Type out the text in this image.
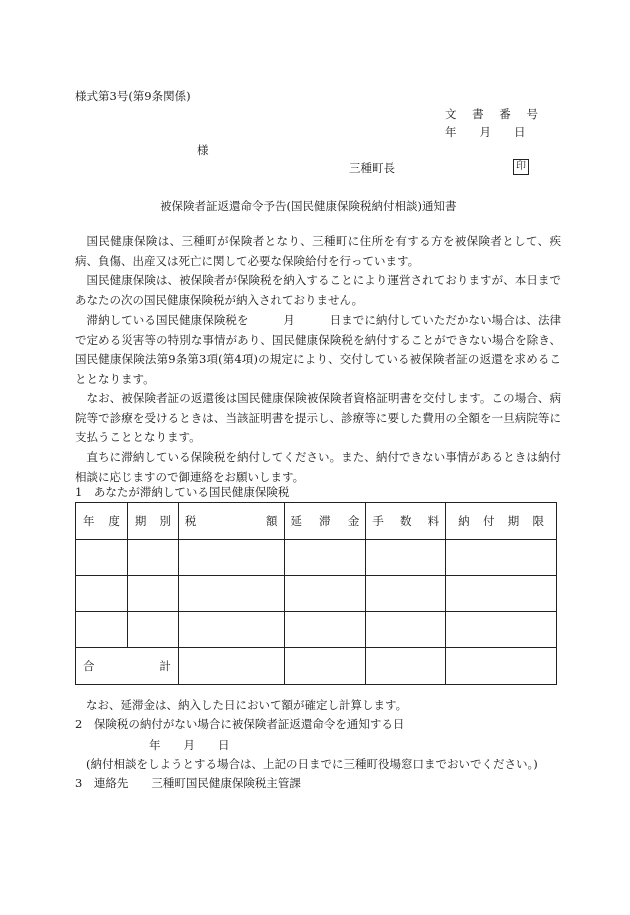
様式第3号(第9条関係)
文 書 番 号
年　　月　　日
様
三種町長	印
被保険者証返還命令予告(国民健康保険税納付相談)通知書

国民健康保険は、三種町が保険者となり、三種町に住所を有する方を被保険者として、疾病、負傷、出産又は死亡に関して必要な保険給付を行っています。

国民健康保険は、被保険者が保険税を納入することにより運営されておりますが、本日まであなたの次の国民健康保険税が納入されておりません。

滞納している国民健康保険税を　　　	月　　　	日までに納付していただかない場合は、法律で定める災害等の特別な事情があり、国民健康保険税を納付することができない場合を除き、国民健康保険法第9条第3項(第4項)の規定により、交付している被保険者証の返還を求めることとなります。

なお、被保険者証の返還後は国民健康保険被保険者資格証明書を交付します。この場合、病院等で診療を受けるときは、当該証明書を提示し、診療等に要した費用の全額を一旦病院等に支払うこととなります。

直ちに滞納している保険税を納付してください。また、納付できない事情があるときは納付相談に応じますので御連絡をお願いします。

1　あなたが滞納している国民健康保険税
年 度	期 別	税 額	延 滞 金	手 数 料	納 付 期 限

合 計					

なお、延滞金は、納入した日において額が確定し計算します。
2　保険税の納付がない場合に被保険者証返還命令を通知する日
年　　月　　日
(納付相談をしようとする場合は、上記の日までに三種町役場窓口までおいでください。)
3　連絡先　　 三種町国民健康保険税主管課
